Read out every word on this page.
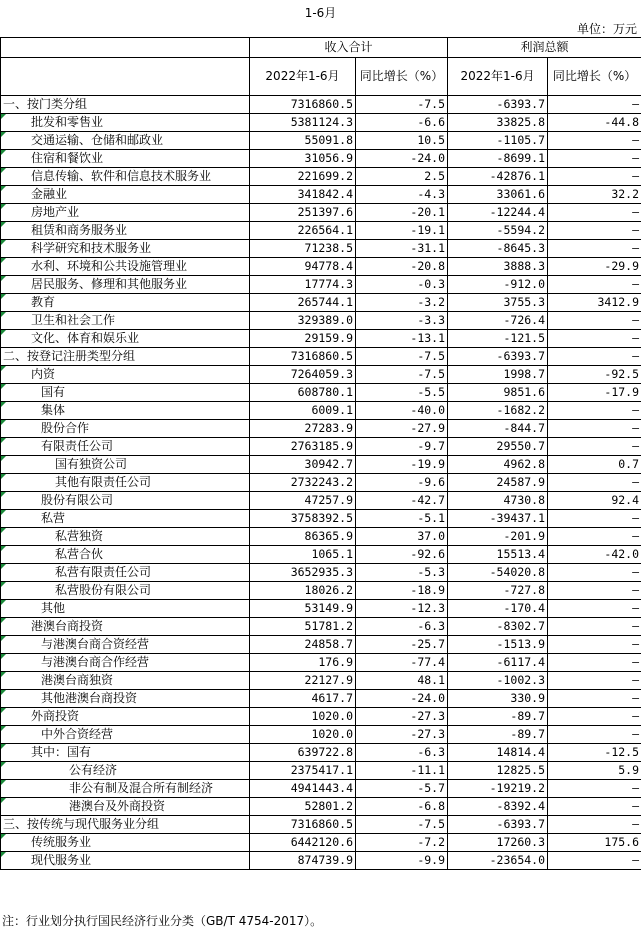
1-6月
单位：万元
	收入合计		利润总额	
	2022年1-6月	同比增长（%）	2022年1-6月	同比增长（%）
一、按门类分组	7316860.5	-7.5	-6393.7	—
批发和零售业	5381124.3	-6.6	33825.8	-44.8
交通运输、仓储和邮政业	55091.8	10.5	-1105.7	—
住宿和餐饮业	31056.9	-24.0	-8699.1	—
信息传输、软件和信息技术服务业	221699.2	2.5	-42876.1	—
金融业	341842.4	-4.3	33061.6	32.2
房地产业	251397.6	-20.1	-12244.4	—
租赁和商务服务业	226564.1	-19.1	-5594.2	—
科学研究和技术服务业	71238.5	-31.1	-8645.3	—
水利、环境和公共设施管理业	94778.4	-20.8	3888.3	-29.9
居民服务、修理和其他服务业	17774.3	-0.3	-912.0	—
教育	265744.1	-3.2	3755.3	3412.9
卫生和社会工作	329389.0	-3.3	-726.4	—
文化、体育和娱乐业	29159.9	-13.1	-121.5	—
二、按登记注册类型分组	7316860.5	-7.5	-6393.7	—
内资	7264059.3	-7.5	1998.7	-92.5
国有	608780.1	-5.5	9851.6	-17.9
集体	6009.1	-40.0	-1682.2	—
股份合作	27283.9	-27.9	-844.7	—
有限责任公司	2763185.9	-9.7	29550.7	—
国有独资公司	30942.7	-19.9	4962.8	0.7
其他有限责任公司	2732243.2	-9.6	24587.9	—
股份有限公司	47257.9	-42.7	4730.8	92.4
私营	3758392.5	-5.1	-39437.1	—
私营独资	86365.9	37.0	-201.9	—
私营合伙	1065.1	-92.6	15513.4	-42.0
私营有限责任公司	3652935.3	-5.3	-54020.8	—
私营股份有限公司	18026.2	-18.9	-727.8	—
其他	53149.9	-12.3	-170.4	—
港澳台商投资	51781.2	-6.3	-8302.7	—
与港澳台商合资经营	24858.7	-25.7	-1513.9	—
与港澳台商合作经营	176.9	-77.4	-6117.4	—
港澳台商独资	22127.9	48.1	-1002.3	—
其他港澳台商投资	4617.7	-24.0	330.9	—
外商投资	1020.0	-27.3	-89.7	—
中外合资经营	1020.0	-27.3	-89.7	—
其中：国有	639722.8	-6.3	14814.4	-12.5
公有经济	2375417.1	-11.1	12825.5	5.9
非公有制及混合所有制经济	4941443.4	-5.7	-19219.2	—
港澳台及外商投资	52801.2	-6.8	-8392.4	—
三、按传统与现代服务业分组	7316860.5	-7.5	-6393.7	—
传统服务业	6442120.6	-7.2	17260.3	175.6
现代服务业	874739.9	-9.9	-23654.0	—
注：行业划分执行国民经济行业分类（GB/T 4754-2017）。
